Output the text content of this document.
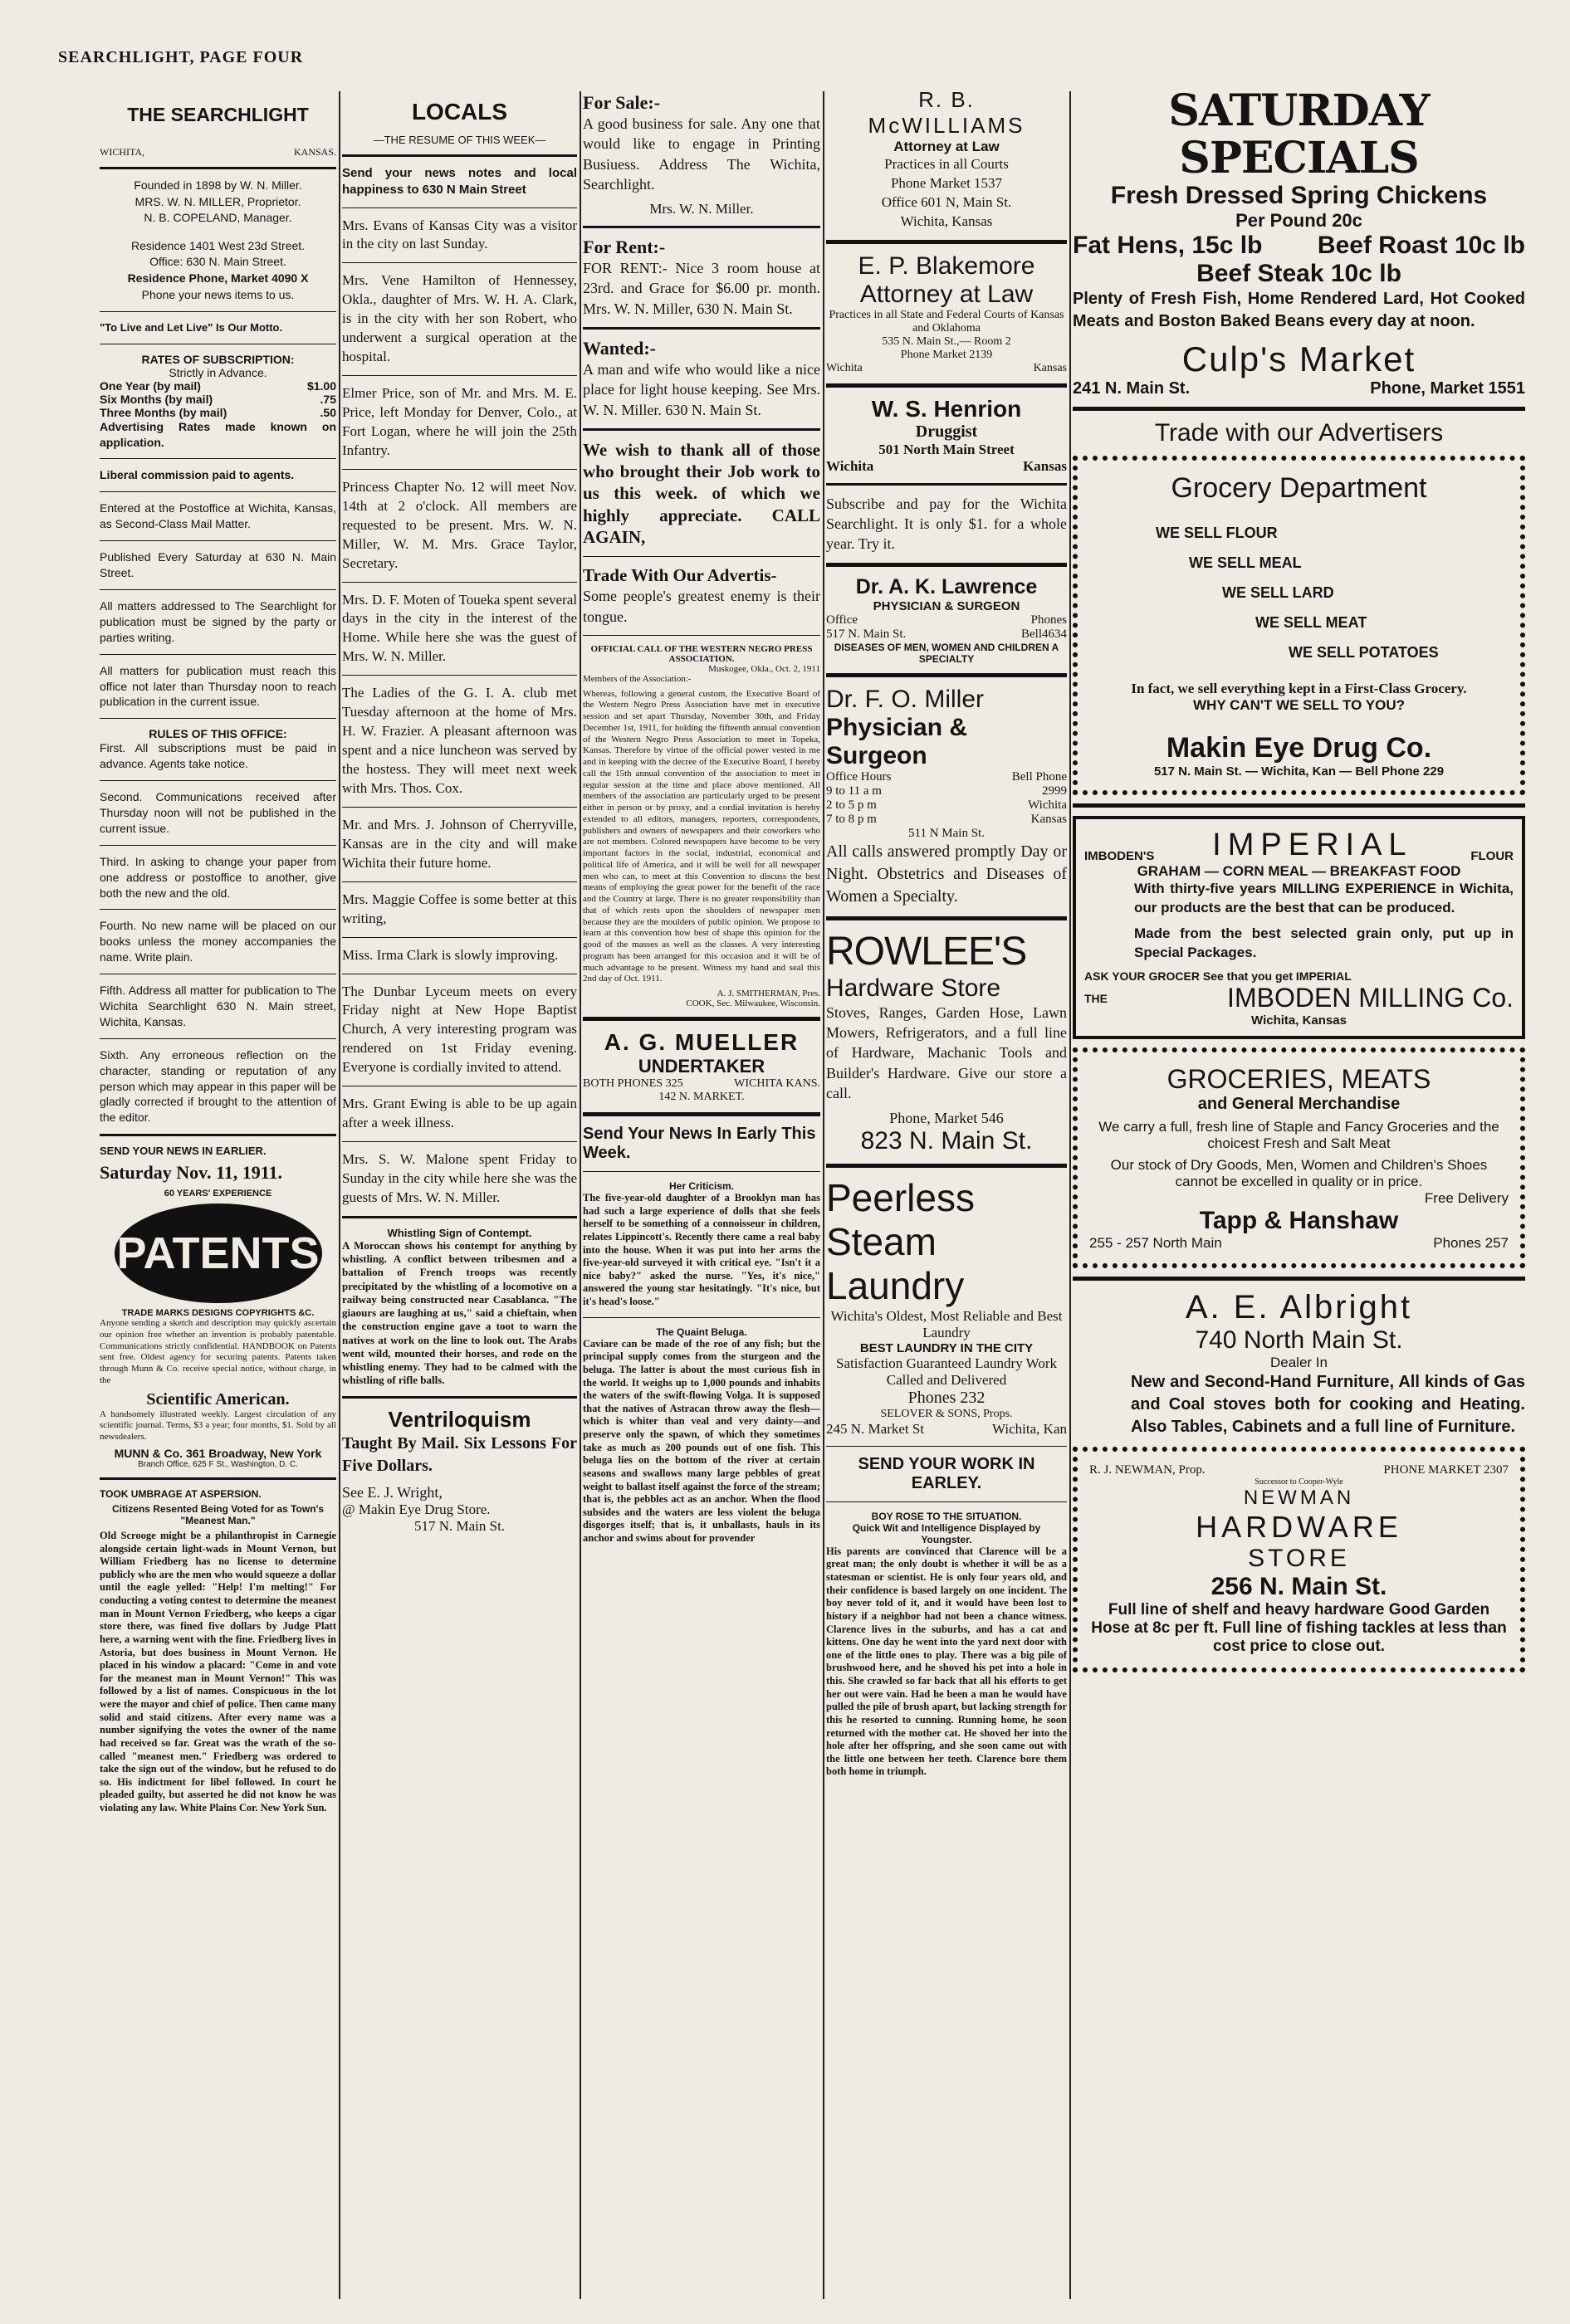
SEARCHLIGHT, PAGE FOUR
THE SEARCHLIGHT
WICHITA,	KANSAS.
Founded in 1898 by W. N. Miller.
MRS. W. N. MILLER, Proprietor.
N. B. COPELAND, Manager.
Residence 1401 West 23d Street.
Office: 630 N. Main Street.
Residence Phone, Market 4090 X
Phone your news items to us.

"To Live and Let Live" Is Our Motto.

RATES OF SUBSCRIPTION:
Strictly in Advance.
One Year (by mail)	$1.00
Six Months (by mail)	.75
Three Months (by mail)	.50

Advertising Rates made known on application.

Liberal commission paid to agents.

Entered at the Postoffice at Wichita, Kansas, as Second-Class Mail Matter.

Published Every Saturday at 630 N. Main Street.

All matters addressed to The Searchlight for publication must be signed by the party or parties writing.

All matters for publication must reach this office not later than Thursday noon to reach publication in the current issue.

RULES OF THIS OFFICE:

First. All subscriptions must be paid in advance. Agents take notice.

Second. Communications received after Thursday noon will not be published in the current issue.

Third. In asking to change your paper from one address or postoffice to another, give both the new and the old.

Fourth. No new name will be placed on our books unless the money accompanies the name. Write plain.

Fifth. Address all matter for publication to The Wichita Searchlight 630 N. Main street, Wichita, Kansas.

Sixth. Any erroneous reflection on the character, standing or reputation of any person which may appear in this paper will be gladly corrected if brought to the attention of the editor.

SEND YOUR NEWS IN EARLIER.
Saturday Nov. 11, 1911.
60 YEARS' EXPERIENCE
PATENTS
TRADE MARKS DESIGNS COPYRIGHTS &C.

Anyone sending a sketch and description may quickly ascertain our opinion free whether an invention is probably patentable. Communications strictly confidential. HANDBOOK on Patents sent free. Oldest agency for securing patents. Patents taken through Munn & Co. receive special notice, without charge, in the

Scientific American.

A handsomely illustrated weekly. Largest circulation of any scientific journal. Terms, $3 a year; four months, $1. Sold by all newsdealers.

MUNN & Co. 361 Broadway, New York
Branch Office, 625 F St., Washington, D. C.
TOOK UMBRAGE AT ASPERSION.
Citizens Resented Being Voted for as Town's "Meanest Man."

Old Scrooge might be a philanthropist in Carnegie alongside certain light-wads in Mount Vernon, but William Friedberg has no license to determine publicly who are the men who would squeeze a dollar until the eagle yelled: "Help! I'm melting!" For conducting a voting contest to determine the meanest man in Mount Vernon Friedberg, who keeps a cigar store there, was fined five dollars by Judge Platt here, a warning went with the fine. Friedberg lives in Astoria, but does business in Mount Vernon. He placed in his window a placard: "Come in and vote for the meanest man in Mount Vernon!" This was followed by a list of names. Conspicuous in the lot were the mayor and chief of police. Then came many solid and staid citizens. After every name was a number signifying the votes the owner of the name had received so far. Great was the wrath of the so-called "meanest men." Friedberg was ordered to take the sign out of the window, but he refused to do so. His indictment for libel followed. In court he pleaded guilty, but asserted he did not know he was violating any law. White Plains Cor. New York Sun.

LOCALS
—THE RESUME OF THIS WEEK—

Send your news notes and local happiness to 630 N Main Street

Mrs. Evans of Kansas City was a visitor in the city on last Sunday.

Mrs. Vene Hamilton of Hennessey, Okla., daughter of Mrs. W. H. A. Clark, is in the city with her son Robert, who underwent a surgical operation at the hospital.

Elmer Price, son of Mr. and Mrs. M. E. Price, left Monday for Denver, Colo., at Fort Logan, where he will join the 25th Infantry.

Princess Chapter No. 12 will meet Nov. 14th at 2 o'clock. All members are requested to be present. Mrs. W. N. Miller, W. M. Mrs. Grace Taylor, Secretary.

Mrs. D. F. Moten of Toueka spent several days in the city in the interest of the Home. While here she was the guest of Mrs. W. N. Miller.

The Ladies of the G. I. A. club met Tuesday afternoon at the home of Mrs. H. W. Frazier. A pleasant afternoon was spent and a nice luncheon was served by the hostess. They will meet next week with Mrs. Thos. Cox.

Mr. and Mrs. J. Johnson of Cherryville, Kansas are in the city and will make Wichita their future home.

Mrs. Maggie Coffee is some better at this writing,

Miss. Irma Clark is slowly improving.

The Dunbar Lyceum meets on every Friday night at New Hope Baptist Church, A very interesting program was rendered on 1st Friday evening. Everyone is cordially invited to attend.

Mrs. Grant Ewing is able to be up again after a week illness.

Mrs. S. W. Malone spent Friday to Sunday in the city while here she was the guests of Mrs. W. N. Miller.

Whistling Sign of Contempt.

A Moroccan shows his contempt for anything by whistling. A conflict between tribesmen and a battalion of French troops was recently precipitated by the whistling of a locomotive on a railway being constructed near Casablanca. "The giaours are laughing at us," said a chieftain, when the construction engine gave a toot to warn the natives at work on the line to look out. The Arabs went wild, mounted their horses, and rode on the whistling enemy. They had to be calmed with the whistling of rifle balls.

Ventriloquism

Taught By Mail. Six Lessons For Five Dollars.

See E. J. Wright,
@ Makin Eye Drug Store.
517 N. Main St.
For Sale:-

A good business for sale. Any one that would like to engage in Printing Busiuess. Address The Wichita, Searchlight.

Mrs. W. N. Miller.
For Rent:-

FOR RENT:- Nice 3 room house at 23rd. and Grace for $6.00 pr. month. Mrs. W. N. Miller, 630 N. Main St.

Wanted:-

A man and wife who would like a nice place for light house keeping. See Mrs. W. N. Miller. 630 N. Main St.

We wish to thank all of those who brought their Job work to us this week. of which we highly appreciate. CALL AGAIN,

Trade With Our Advertis-

Some people's greatest enemy is their tongue.

OFFICIAL CALL OF THE WESTERN NEGRO PRESS ASSOCIATION.
Muskogee, Okla., Oct. 2, 1911

Members of the Association:-

Whereas, following a general custom, the Executive Board of the Western Negro Press Association have met in executive session and set apart Thursday, November 30th, and Friday December 1st, 1911, for holding the fifteenth annual convention of the Western Negro Press Association to meet in Topeka, Kansas. Therefore by virtue of the official power vested in me and in keeping with the decree of the Executive Board, I hereby call the 15th annual convention of the association to meet in regular session at the time and place above mentioned. All members of the association are particularly urged to be present either in person or by proxy, and a cordial invitation is hereby extended to all editors, managers, reporters, correspondents, publishers and owners of newspapers and their coworkers who are not members. Colored newspapers have become to be very important factors in the social, industrial, economical and political life of America, and it will be well for all newspaper men who can, to meet at this Convention to discuss the best means of employing the great power for the benefit of the race and the Country at large. There is no greater responsibility than that of which rests upon the shoulders of newspaper men because they are the moulders of public opinion. We propose to learn at this convention how best of shape this opinion for the good of the masses as well as the classes. A very interesting program has been arranged for this occasion and it will be of much advantage to be present. Witness my hand and seal this 2nd day of Oct. 1911.

A. J. SMITHERMAN, Pres.
COOK, Sec. Milwaukee, Wisconsin.
A. G. MUELLER
UNDERTAKER
BOTH PHONES 325	WICHITA KANS.
142 N. MARKET.
Send Your News In Early This Week.
Her Criticism.

The five-year-old daughter of a Brooklyn man has had such a large experience of dolls that she feels herself to be something of a connoisseur in children, relates Lippincott's. Recently there came a real baby into the house. When it was put into her arms the five-year-old surveyed it with critical eye. "Isn't it a nice baby?" asked the nurse. "Yes, it's nice," answered the young star hesitatingly. "It's nice, but it's head's loose."

The Quaint Beluga.

Caviare can be made of the roe of any fish; but the principal supply comes from the sturgeon and the beluga. The latter is about the most curious fish in the world. It weighs up to 1,000 pounds and inhabits the waters of the swift-flowing Volga. It is supposed that the natives of Astracan throw away the flesh—which is whiter than veal and very dainty—and preserve only the spawn, of which they sometimes take as much as 200 pounds out of one fish. This beluga lies on the bottom of the river at certain seasons and swallows many large pebbles of great weight to ballast itself against the force of the stream; that is, the pebbles act as an anchor. When the flood subsides and the waters are less violent the beluga disgorges itself; that is, it unballasts, hauls in its anchor and swims about for provender

R. B.
McWILLIAMS
Attorney at Law
Practices in all Courts
Phone Market 1537
Office 601 N, Main St.
Wichita, Kansas
E. P. Blakemore
Attorney at Law
Practices in all State and Federal Courts of Kansas and Oklahoma
535 N. Main St.,— Room 2
Phone Market 2139
Wichita	Kansas
W. S. Henrion
Druggist
501 North Main Street
Wichita	Kansas

Subscribe and pay for the Wichita Searchlight. It is only $1. for a whole year. Try it.

Dr. A. K. Lawrence
PHYSICIAN & SURGEON
Office	Phones
517 N. Main St.	Bell4634
DISEASES OF MEN, WOMEN AND CHILDREN A SPECIALTY
Dr. F. O. Miller
Physician & Surgeon
Office Hours	Bell Phone
9 to 11 a m	2999
2 to 5 p m	Wichita
7 to 8 p m	Kansas
511 N Main St.

All calls answered promptly Day or Night. Obstetrics and Diseases of Women a Specialty.

ROWLEE'S
Hardware Store

Stoves, Ranges, Garden Hose, Lawn Mowers, Refrigerators, and a full line of Hardware, Machanic Tools and Builder's Hardware. Give our store a call.

Phone, Market 546
823 N. Main St.
Peerless Steam Laundry
Wichita's Oldest, Most Reliable and Best Laundry
BEST LAUNDRY IN THE CITY
Satisfaction Guaranteed Laundry Work Called and Delivered
Phones 232
SELOVER & SONS, Props.
245 N. Market St	Wichita, Kan
SEND YOUR WORK IN EARLEY.
BOY ROSE TO THE SITUATION.
Quick Wit and Intelligence Displayed by Youngster.

His parents are convinced that Clarence will be a great man; the only doubt is whether it will be as a statesman or scientist. He is only four years old, and their confidence is based largely on one incident. The boy never told of it, and it would have been lost to history if a neighbor had not been a chance witness. Clarence lives in the suburbs, and has a cat and kittens. One day he went into the yard next door with one of the little ones to play. There was a big pile of brushwood here, and he shoved his pet into a hole in this. She crawled so far back that all his efforts to get her out were vain. Had he been a man he would have pulled the pile of brush apart, but lacking strength for this he resorted to cunning. Running home, he soon returned with the mother cat. He shoved her into the hole after her offspring, and she soon came out with the little one between her teeth. Clarence bore them both home in triumph.

SATURDAY SPECIALS
Fresh Dressed Spring Chickens
Per Pound 20c
Fat Hens, 15c lb Beef Roast 10c lb
Beef Steak 10c lb

Plenty of Fresh Fish, Home Rendered Lard, Hot Cooked Meats and Boston Baked Beans every day at noon.

Culp's Market
241 N. Main St.	Phone, Market 1551
Trade with our Advertisers
Grocery Department
WE SELL FLOUR
WE SELL MEAL
WE SELL LARD
WE SELL MEAT
WE SELL POTATOES
In fact, we sell everything kept in a First-Class Grocery.
WHY CAN'T WE SELL TO YOU?
Makin Eye Drug Co.
517 N. Main St. — Wichita, Kan — Bell Phone 229
IMBODEN'S IMPERIAL	FLOUR
GRAHAM — CORN MEAL — BREAKFAST FOOD

With thirty-five years MILLING EXPERIENCE in Wichita, our products are the best that can be produced.

Made from the best selected grain only, put up in Special Packages.

ASK YOUR GROCER See that you get IMPERIAL
THE	IMBODEN MILLING Co.
Wichita, Kansas
GROCERIES, MEATS
and General Merchandise
We carry a full, fresh line of Staple and Fancy Groceries and the choicest Fresh and Salt Meat
Our stock of Dry Goods, Men, Women and Children's Shoes cannot be excelled in quality or in price.
Free Delivery
Tapp & Hanshaw
255 - 257 North Main	Phones 257
A. E. Albright
740 North Main St.
Dealer In

New and Second-Hand Furniture, All kinds of Gas and Coal stoves both for cooking and Heating. Also Tables, Cabinets and a full line of Furniture.

R. J. NEWMAN, Prop.	PHONE MARKET 2307
Successor to Cooper-Wyle
NEWMAN
HARDWARE
STORE
256 N. Main St.
Full line of shelf and heavy hardware Good Garden Hose at 8c per ft. Full line of fishing tackles at less than cost price to close out.
